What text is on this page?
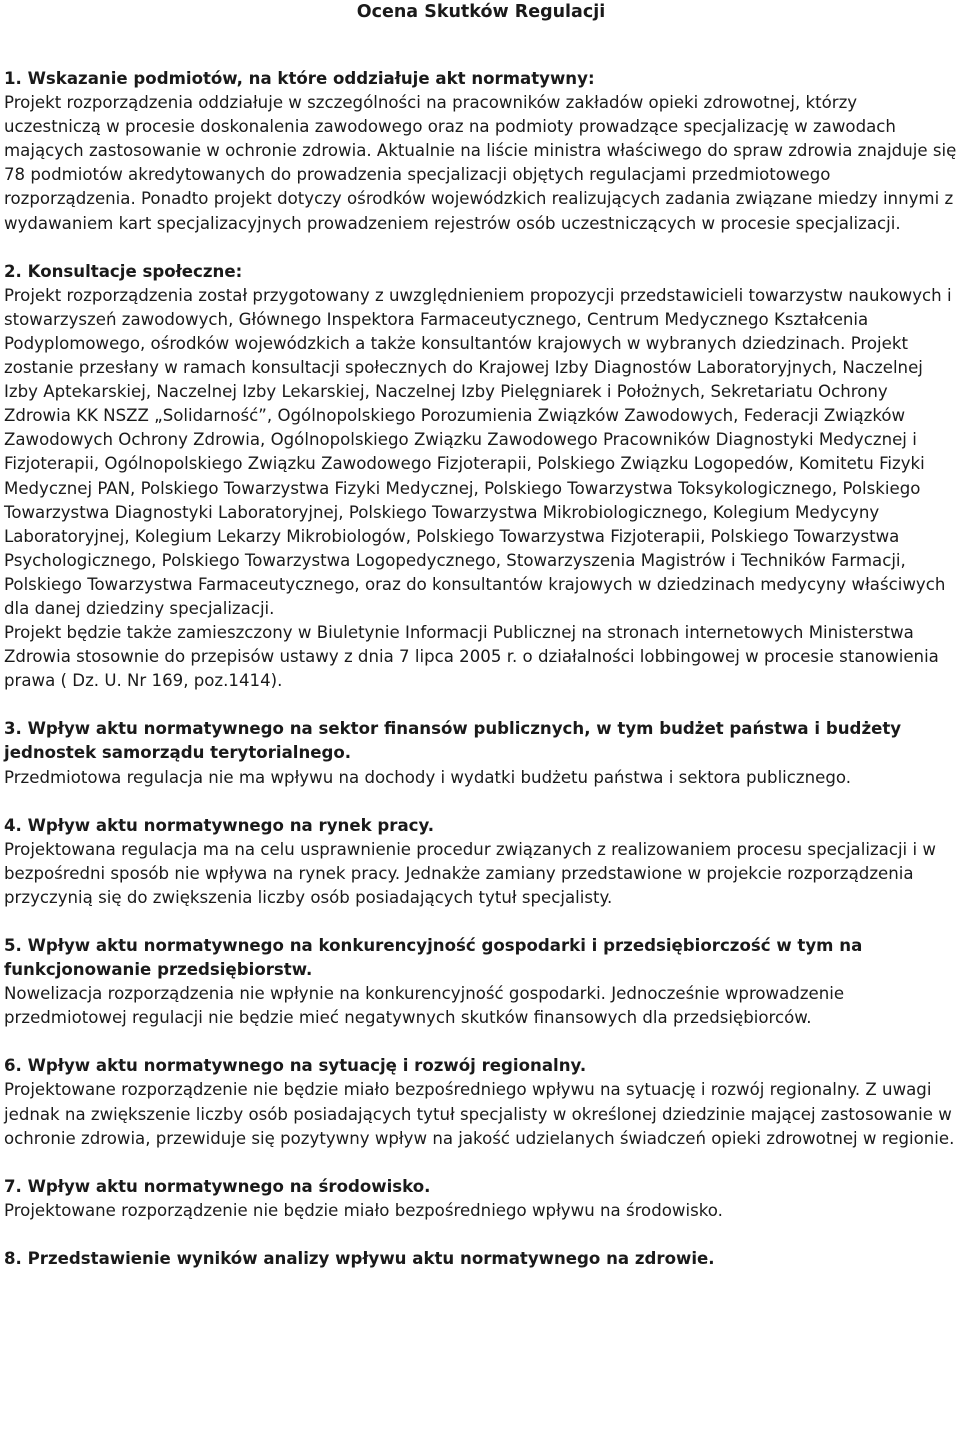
Ocena Skutków Regulacji
1. Wskazanie podmiotów, na które oddziałuje akt normatywny:

Projekt rozporządzenia oddziałuje w szczególności na pracowników zakładów opieki zdrowotnej, którzy uczestniczą w procesie doskonalenia zawodowego oraz na podmioty prowadzące specjalizację w zawodach mających zastosowanie w ochronie zdrowia. Aktualnie na liście ministra właściwego do spraw zdrowia znajduje się 78 podmiotów akredytowanych do prowadzenia specjalizacji objętych regulacjami przedmiotowego rozporządzenia. Ponadto projekt dotyczy ośrodków wojewódzkich realizujących zadania związane miedzy innymi z wydawaniem kart specjalizacyjnych prowadzeniem rejestrów osób uczestniczących w procesie specjalizacji.

2. Konsultacje społeczne:

Projekt rozporządzenia został przygotowany z uwzględnieniem propozycji przedstawicieli towarzystw naukowych i stowarzyszeń zawodowych, Głównego Inspektora Farmaceutycznego, Centrum Medycznego Kształcenia Podyplomowego, ośrodków wojewódzkich a także konsultantów krajowych w wybranych dziedzinach. Projekt zostanie przesłany w ramach konsultacji społecznych do Krajowej Izby Diagnostów Laboratoryjnych, Naczelnej Izby Aptekarskiej, Naczelnej Izby Lekarskiej, Naczelnej Izby Pielęgniarek i Położnych, Sekretariatu Ochrony Zdrowia KK NSZZ „Solidarność”, Ogólnopolskiego Porozumienia Związków Zawodowych, Federacji Związków Zawodowych Ochrony Zdrowia, Ogólnopolskiego Związku Zawodowego Pracowników Diagnostyki Medycznej i Fizjoterapii, Ogólnopolskiego Związku Zawodowego Fizjoterapii, Polskiego Związku Logopedów, Komitetu Fizyki Medycznej PAN, Polskiego Towarzystwa Fizyki Medycznej, Polskiego Towarzystwa Toksykologicznego, Polskiego Towarzystwa Diagnostyki Laboratoryjnej, Polskiego Towarzystwa Mikrobiologicznego, Kolegium Medycyny Laboratoryjnej, Kolegium Lekarzy Mikrobiologów, Polskiego Towarzystwa Fizjoterapii, Polskiego Towarzystwa Psychologicznego, Polskiego Towarzystwa Logopedycznego, Stowarzyszenia Magistrów i Techników Farmacji, Polskiego Towarzystwa Farmaceutycznego, oraz do konsultantów krajowych w dziedzinach medycyny właściwych dla danej dziedziny specjalizacji.

Projekt będzie także zamieszczony w Biuletynie Informacji Publicznej na stronach internetowych Ministerstwa Zdrowia stosownie do przepisów ustawy z dnia 7 lipca 2005 r. o działalności lobbingowej w procesie stanowienia prawa ( Dz. U. Nr 169, poz.1414).

3. Wpływ aktu normatywnego na sektor finansów publicznych, w tym budżet państwa i budżety jednostek samorządu terytorialnego.

Przedmiotowa regulacja nie ma wpływu na dochody i wydatki budżetu państwa i sektora publicznego.

4. Wpływ aktu normatywnego na rynek pracy.

Projektowana regulacja ma na celu usprawnienie procedur związanych z realizowaniem procesu specjalizacji i w bezpośredni sposób nie wpływa na rynek pracy. Jednakże zamiany przedstawione w projekcie rozporządzenia przyczynią się do zwiększenia liczby osób posiadających tytuł specjalisty.

5. Wpływ aktu normatywnego na konkurencyjność gospodarki i przedsiębiorczość w tym na funkcjonowanie przedsiębiorstw.

Nowelizacja rozporządzenia nie wpłynie na konkurencyjność gospodarki. Jednocześnie wprowadzenie przedmiotowej regulacji nie będzie mieć negatywnych skutków finansowych dla przedsiębiorców.

6. Wpływ aktu normatywnego na sytuację i rozwój regionalny.

Projektowane rozporządzenie nie będzie miało bezpośredniego wpływu na sytuację i rozwój regionalny. Z uwagi jednak na zwiększenie liczby osób posiadających tytuł specjalisty w określonej dziedzinie mającej zastosowanie w ochronie zdrowia, przewiduje się pozytywny wpływ na jakość udzielanych świadczeń opieki zdrowotnej w regionie.

7. Wpływ aktu normatywnego na środowisko.

Projektowane rozporządzenie nie będzie miało bezpośredniego wpływu na środowisko.

8. Przedstawienie wyników analizy wpływu aktu normatywnego na zdrowie.
